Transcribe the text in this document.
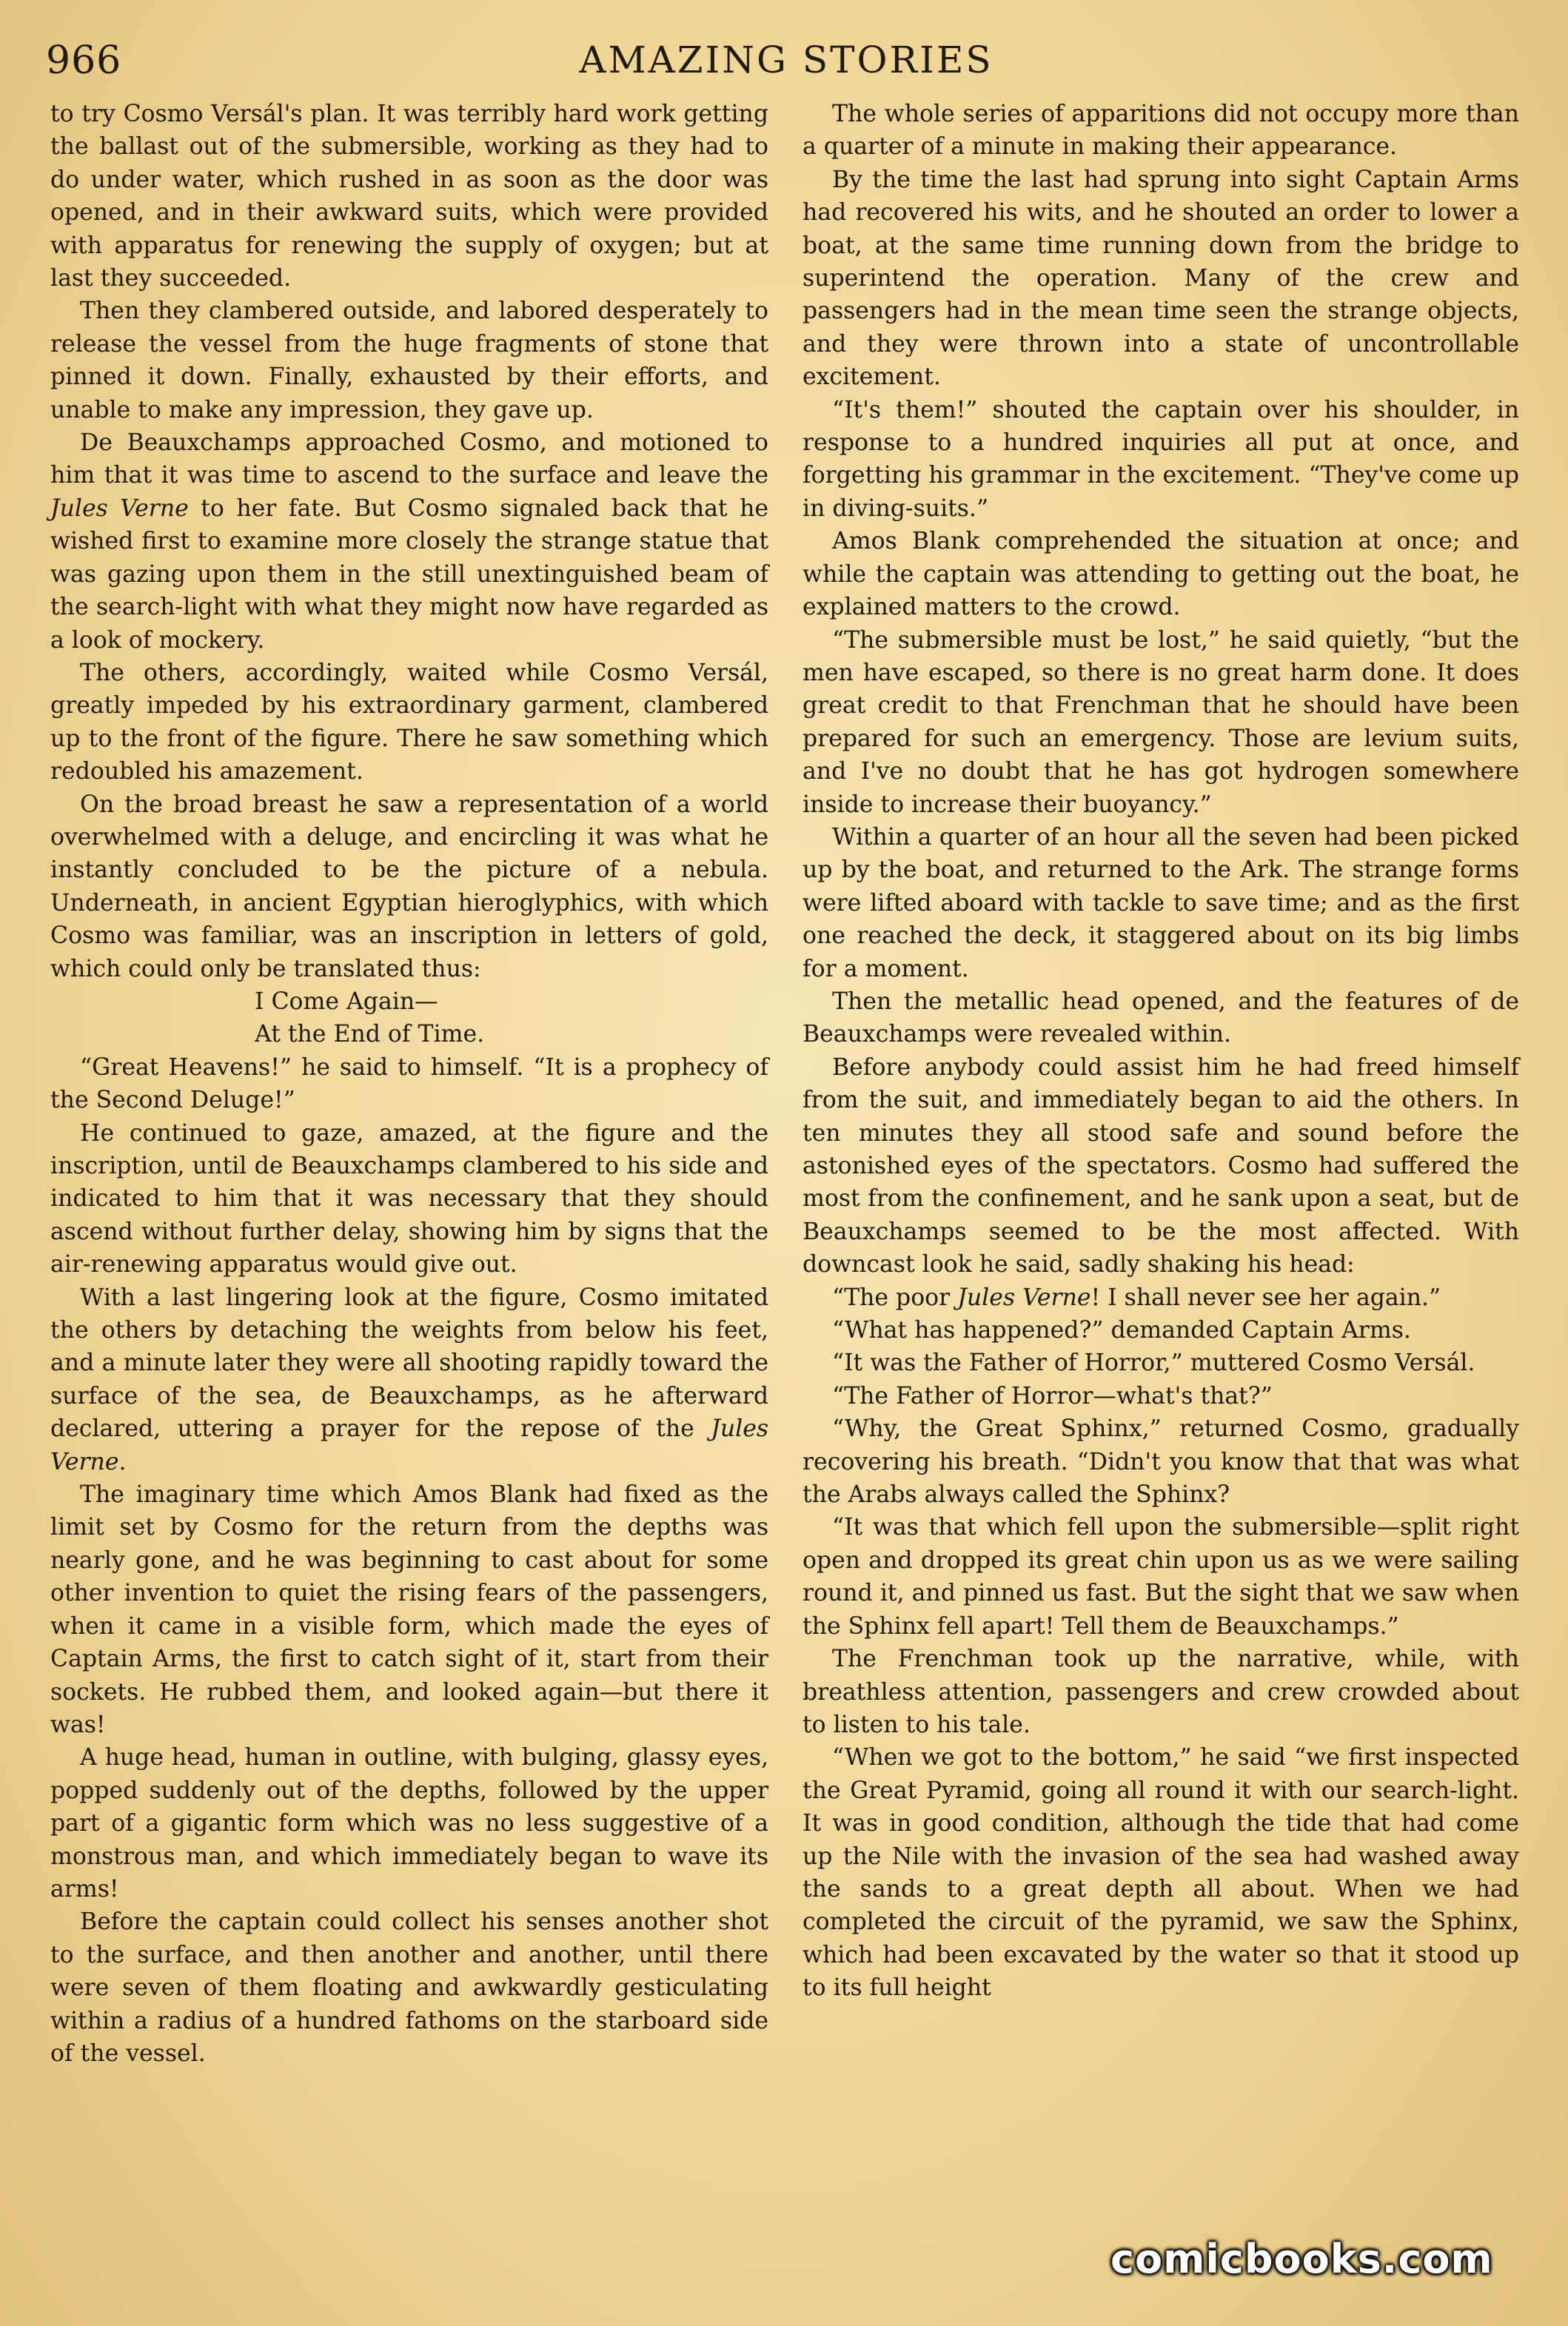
966	AMAZING STORIES

to try Cosmo Versál's plan. It was terribly hard work getting the ballast out of the submersible, working as they had to do under water, which rushed in as soon as the door was opened, and in their awkward suits, which were provided with apparatus for renewing the supply of oxygen; but at last they succeeded.

Then they clambered outside, and labored desperately to release the vessel from the huge fragments of stone that pinned it down. Finally, exhausted by their efforts, and unable to make any impression, they gave up.

De Beauxchamps approached Cosmo, and motioned to him that it was time to ascend to the surface and leave the Jules Verne to her fate. But Cosmo signaled back that he wished first to examine more closely the strange statue that was gazing upon them in the still unextinguished beam of the search-light with what they might now have regarded as a look of mockery.

The others, accordingly, waited while Cosmo Versál, greatly impeded by his extraordinary garment, clambered up to the front of the figure. There he saw something which redoubled his amazement.

On the broad breast he saw a representation of a world overwhelmed with a deluge, and encircling it was what he instantly concluded to be the picture of a nebula. Underneath, in ancient Egyptian hieroglyphics, with which Cosmo was familiar, was an inscription in letters of gold, which could only be translated thus:

I Come Again—
At the End of Time.

“Great Heavens!” he said to himself. “It is a prophecy of the Second Deluge!”

He continued to gaze, amazed, at the figure and the inscription, until de Beauxchamps clambered to his side and indicated to him that it was necessary that they should ascend without further delay, showing him by signs that the air-renewing apparatus would give out.

With a last lingering look at the figure, Cosmo imitated the others by detaching the weights from below his feet, and a minute later they were all shooting rapidly toward the surface of the sea, de Beauxchamps, as he afterward declared, uttering a prayer for the repose of the Jules Verne.

The imaginary time which Amos Blank had fixed as the limit set by Cosmo for the return from the depths was nearly gone, and he was beginning to cast about for some other invention to quiet the rising fears of the passengers, when it came in a visible form, which made the eyes of Captain Arms, the first to catch sight of it, start from their sockets. He rubbed them, and looked again—but there it was!

A huge head, human in outline, with bulging, glassy eyes, popped suddenly out of the depths, followed by the upper part of a gigantic form which was no less suggestive of a monstrous man, and which immediately began to wave its arms!

Before the captain could collect his senses another shot to the surface, and then another and another, until there were seven of them floating and awkwardly gesticulating within a radius of a hundred fathoms on the starboard side of the vessel.

The whole series of apparitions did not occupy more than a quarter of a minute in making their appearance.

By the time the last had sprung into sight Captain Arms had recovered his wits, and he shouted an order to lower a boat, at the same time running down from the bridge to superintend the operation. Many of the crew and passengers had in the mean time seen the strange objects, and they were thrown into a state of uncontrollable excitement.

“It's them!” shouted the captain over his shoulder, in response to a hundred inquiries all put at once, and forgetting his grammar in the excitement. “They've come up in diving-suits.”

Amos Blank comprehended the situation at once; and while the captain was attending to getting out the boat, he explained matters to the crowd.

“The submersible must be lost,” he said quietly, “but the men have escaped, so there is no great harm done. It does great credit to that Frenchman that he should have been prepared for such an emergency. Those are levium suits, and I've no doubt that he has got hydrogen somewhere inside to increase their buoyancy.”

Within a quarter of an hour all the seven had been picked up by the boat, and returned to the Ark. The strange forms were lifted aboard with tackle to save time; and as the first one reached the deck, it staggered about on its big limbs for a moment.

Then the metallic head opened, and the features of de Beauxchamps were revealed within.

Before anybody could assist him he had freed himself from the suit, and immediately began to aid the others. In ten minutes they all stood safe and sound before the astonished eyes of the spectators. Cosmo had suffered the most from the confinement, and he sank upon a seat, but de Beauxchamps seemed to be the most affected. With downcast look he said, sadly shaking his head:

“The poor Jules Verne! I shall never see her again.”

“What has happened?” demanded Captain Arms.

“It was the Father of Horror,” muttered Cosmo Versál.

“The Father of Horror—what's that?”

“Why, the Great Sphinx,” returned Cosmo, gradually recovering his breath. “Didn't you know that that was what the Arabs always called the Sphinx?

“It was that which fell upon the submersible—split right open and dropped its great chin upon us as we were sailing round it, and pinned us fast. But the sight that we saw when the Sphinx fell apart! Tell them de Beauxchamps.”

The Frenchman took up the narrative, while, with breathless attention, passengers and crew crowded about to listen to his tale.

“When we got to the bottom,” he said “we first inspected the Great Pyramid, going all round it with our search-light. It was in good condition, although the tide that had come up the Nile with the invasion of the sea had washed away the sands to a great depth all about. When we had completed the circuit of the pyramid, we saw the Sphinx, which had been excavated by the water so that it stood up to its full height

comicbooks.com
